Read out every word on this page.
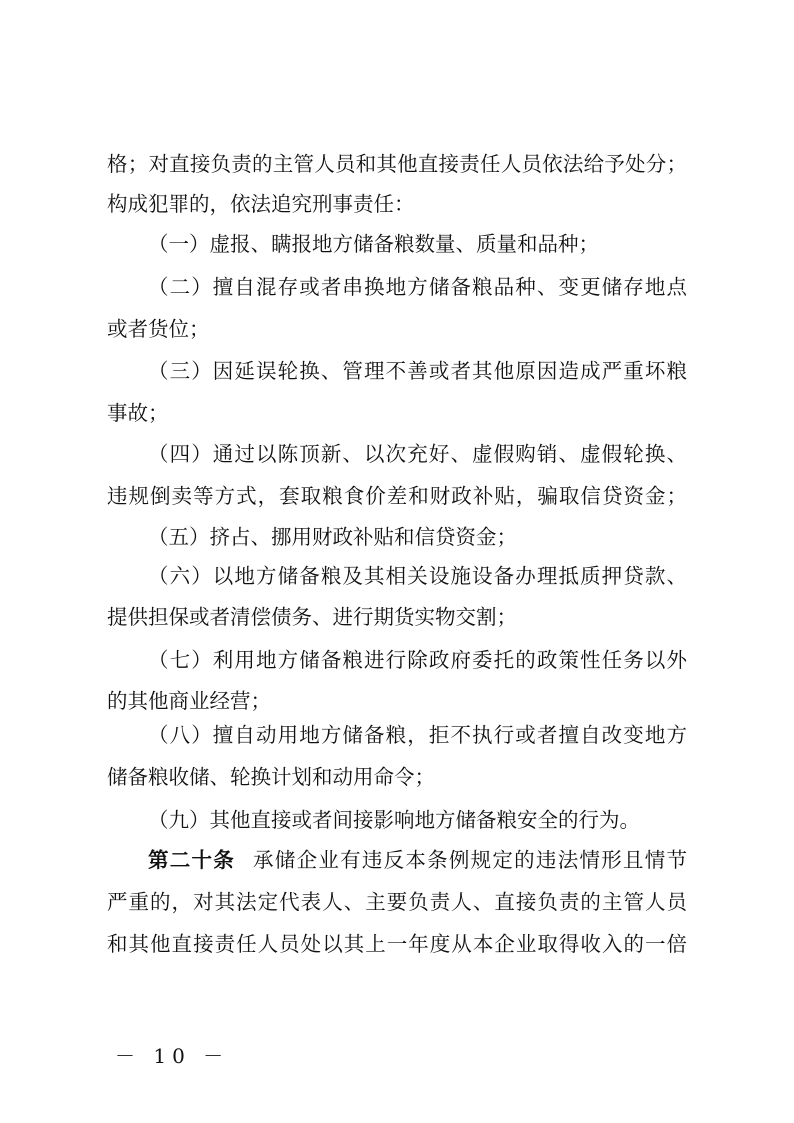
格；对直接负责的主管人员和其他直接责任人员依法给予处分；
构成犯罪的，依法追究刑事责任：
（一）虚报、瞒报地方储备粮数量、质量和品种；
（二）擅自混存或者串换地方储备粮品种、变更储存地点
或者货位；
（三）因延误轮换、管理不善或者其他原因造成严重坏粮
事故；
（四）通过以陈顶新、以次充好、虚假购销、虚假轮换、
违规倒卖等方式，套取粮食价差和财政补贴，骗取信贷资金；
（五）挤占、挪用财政补贴和信贷资金；
（六）以地方储备粮及其相关设施设备办理抵质押贷款、
提供担保或者清偿债务、进行期货实物交割；
（七）利用地方储备粮进行除政府委托的政策性任务以外
的其他商业经营；
（八）擅自动用地方储备粮，拒不执行或者擅自改变地方
储备粮收储、轮换计划和动用命令；
（九）其他直接或者间接影响地方储备粮安全的行为。
第二十条 承储企业有违反本条例规定的违法情形且情节
严重的，对其法定代表人、主要负责人、直接负责的主管人员
和其他直接责任人员处以其上一年度从本企业取得收入的一倍
－ 10 －
